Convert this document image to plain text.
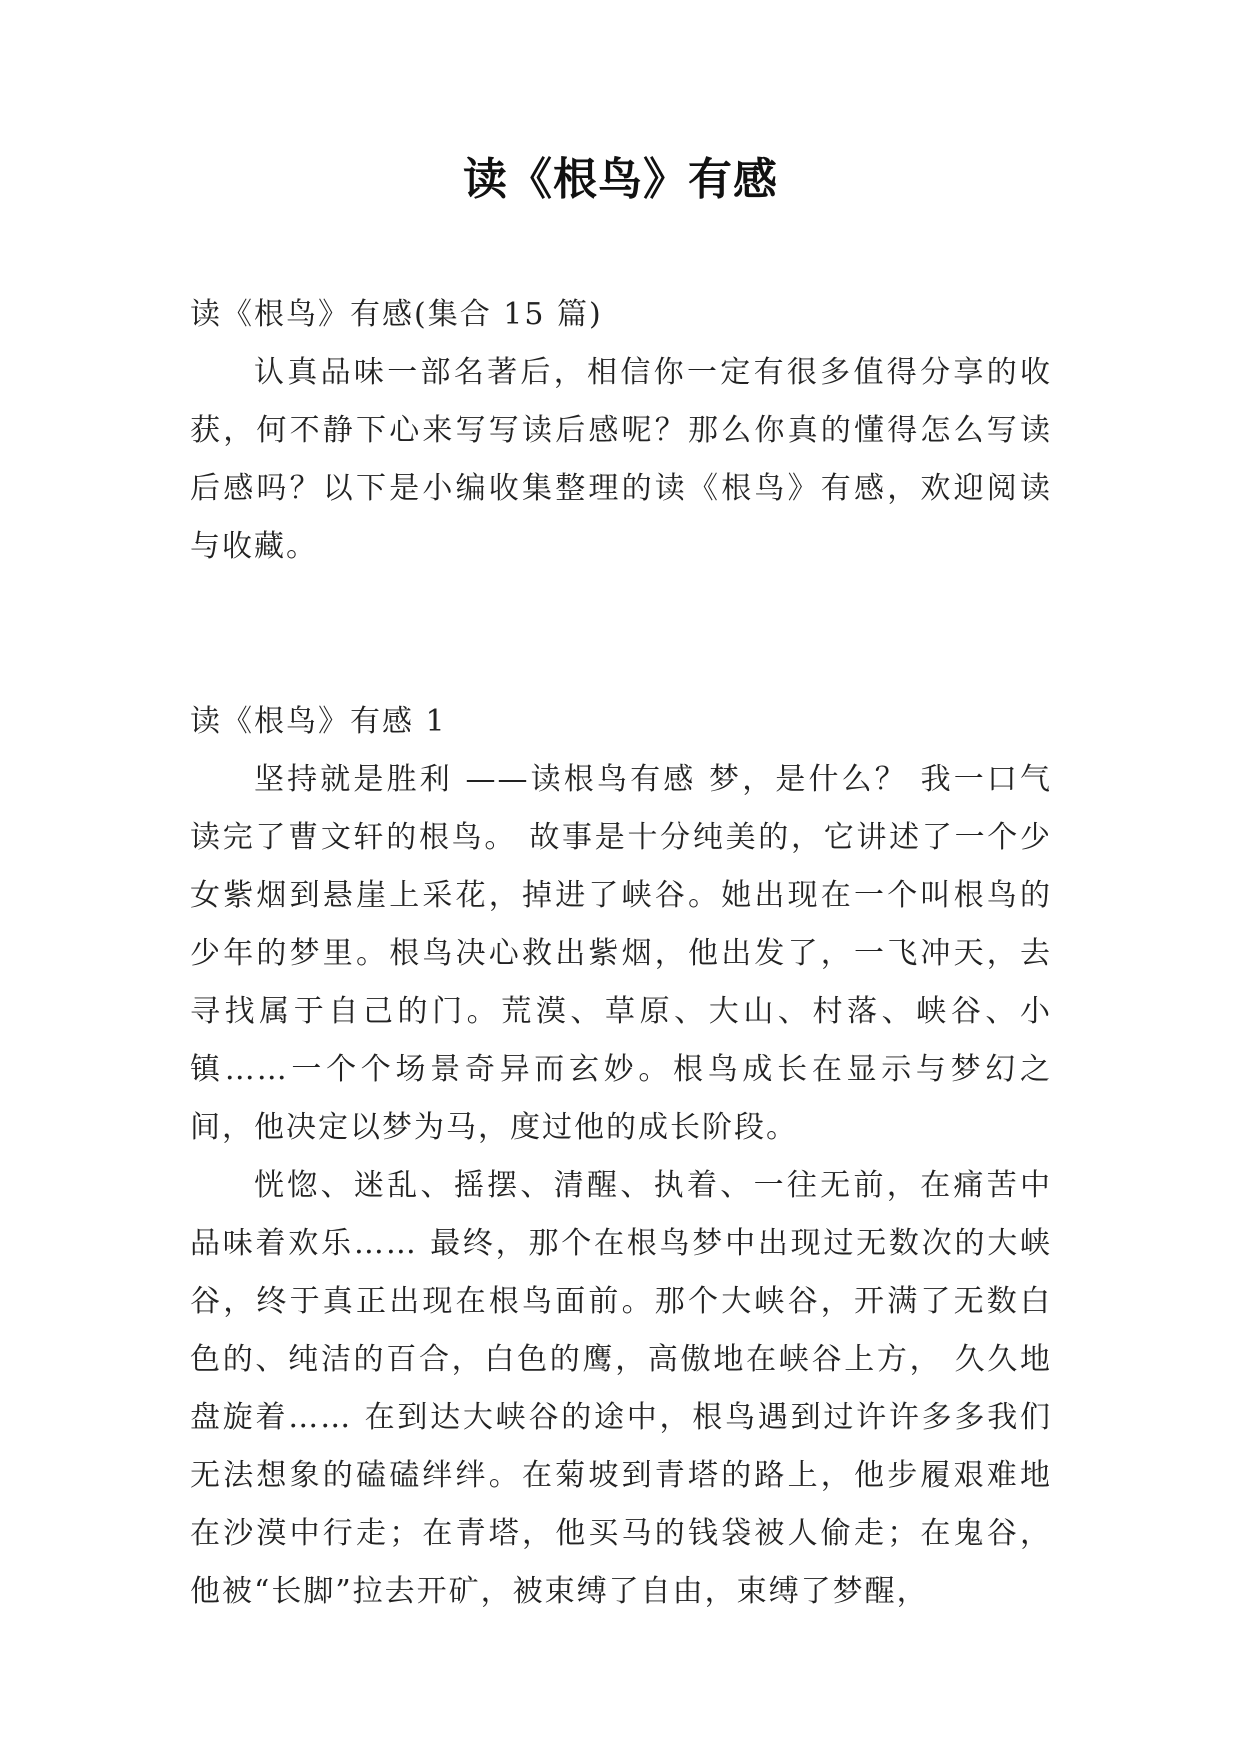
读《根鸟》有感

读《根鸟》有感(集合 15 篇)

认真品味一部名著后，相信你一定有很多值得分享的收获，何不静下心来写写读后感呢？那么你真的懂得怎么写读后感吗？以下是小编收集整理的读《根鸟》有感，欢迎阅读与收藏。

读《根鸟》有感 1

坚持就是胜利 ——读根鸟有感 梦，是什么？ 我一口气读完了曹文轩的根鸟。 故事是十分纯美的，它讲述了一个少女紫烟到悬崖上采花，掉进了峡谷。她出现在一个叫根鸟的少年的梦里。根鸟决心救出紫烟，他出发了，一飞冲天，去寻找属于自己的门。荒漠、草原、大山、村落、峡谷、小镇……一个个场景奇异而玄妙。根鸟成长在显示与梦幻之间，他决定以梦为马，度过他的成长阶段。

恍惚、迷乱、摇摆、清醒、执着、一往无前，在痛苦中品味着欢乐…… 最终，那个在根鸟梦中出现过无数次的大峡谷，终于真正出现在根鸟面前。那个大峡谷，开满了无数白色的、纯洁的百合，白色的鹰，高傲地在峡谷上方， 久久地盘旋着…… 在到达大峡谷的途中，根鸟遇到过许许多多我们无法想象的磕磕绊绊。在菊坡到青塔的路上，他步履艰难地在沙漠中行走；在青塔，他买马的钱袋被人偷走；在鬼谷，他被“长脚”拉去开矿，被束缚了自由，束缚了梦醒，
